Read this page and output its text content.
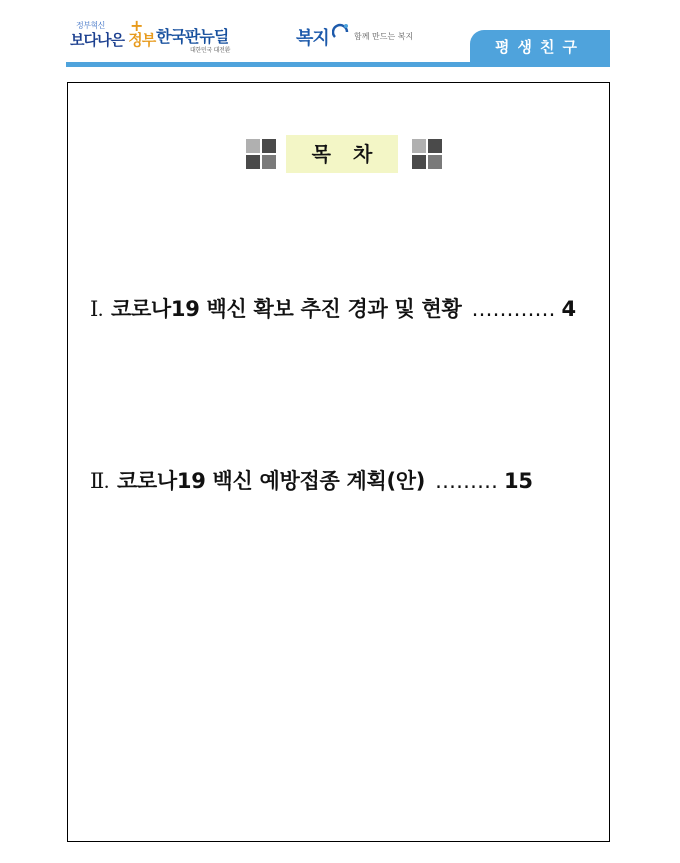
정부혁신
보다나은 정부
+
한국판뉴딜
대한민국 대전환
복지	함께 만드는 복지
평생친구
목차
Ⅰ. 코로나19 백신 확보 추진 경과 및 현황 ………… 4
Ⅱ. 코로나19 백신 예방접종 계획(안) ……… 15
